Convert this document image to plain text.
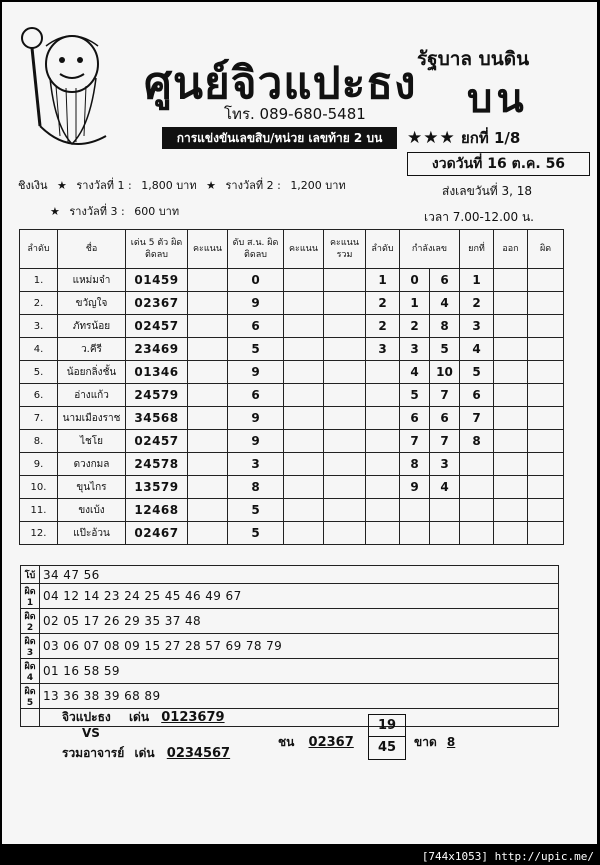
ศูนย์จิวแปะธง รัฐบาล บนดิน
บน
โทร. 089-680-5481
การแข่งขันเลขสิบ/หน่วย เลขท้าย 2 บน	★★★ ยกที่ 1/8
งวดวันที่ 16 ต.ค. 56
ชิงเงิน ★ รางวัลที่ 1 : 1,800 บาท ★ รางวัลที่ 2 : 1,200 บาท
★ รางวัลที่ 3 : 600 บาท
ส่งเลขวันที่ 3, 18
เวลา 7.00-12.00 น.
ลำดับ	ชื่อ	เด่น 5 ตัว ผิดติดลบ	คะแนน	ดับ ส.น. ผิดติดลบ	คะแนน	คะแนน รวม	ลำดับ	กำลังเลข		ยกที่	ออก	ผิด
1.	แหม่มจ๋า	01459		0			1	0	6	1		
2.	ขวัญใจ	02367		9			2	1	4	2		
3.	ภัทรน้อย	02457		6			2	2	8	3		
4.	ว.คีรี	23469		5			3	3	5	4		
5.	น้อยกลิ่งชั้น	01346		9				4	10	5		
6.	อ่างแก้ว	24579		6				5	7	6		
7.	นามเมืองราช	34568		9				6	6	7		
8.	ไชโย	02457		9				7	7	8		
9.	ดวงกมล	24578		3				8	3			
10.	ขุนไกร	13579		8				9	4			
11.	ขงเบ้ง	12468		5								
12.	แป๊ะอ้วน	02467		5								
โบ้	34 47 56
ผิด 1	04 12 14 23 24 25 45 46 49 67
ผิด 2	02 05 17 26 29 35 37 48
ผิด 3	03 06 07 08 09 15 27 28 57 69 78 79
ผิด 4	01 16 58 59
ผิด 5	13 36 38 39 68 89

จิวแปะธง เด่น 0123679
VS
รวมอาจารย์ เด่น 0234567
ชน $02367 \frac{19}{45}$ ขาด 8
[744x1053] http://upic.me/
